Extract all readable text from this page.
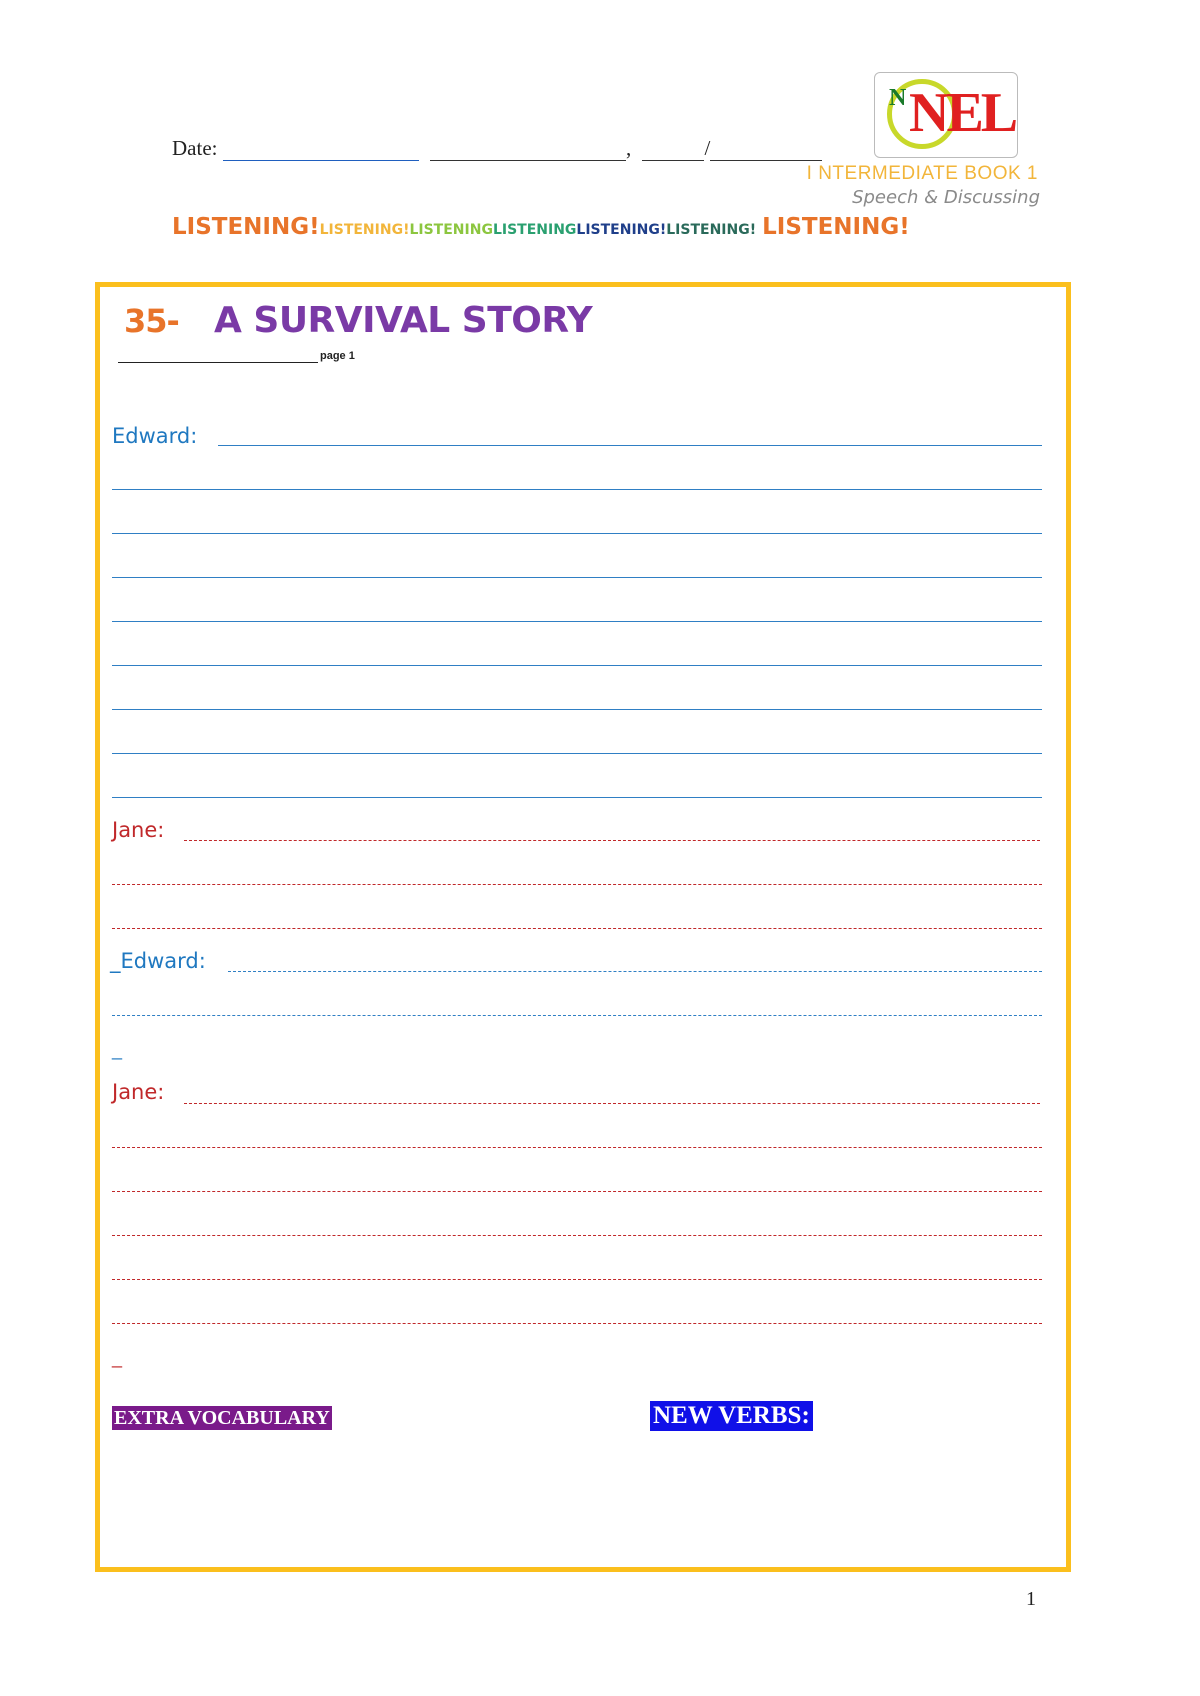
Date:	,	/
N NEL
I NTERMEDIATE BOOK 1
Speech & Discussing
LISTENING!LISTENING!LISTENINGLISTENINGLISTENING!LISTENING! LISTENING!
35- A SURVIVAL STORY
page 1
Edward:
Jane:
_Edward:
_
Jane:
_
EXTRA VOCABULARY	NEW VERBS:
1
